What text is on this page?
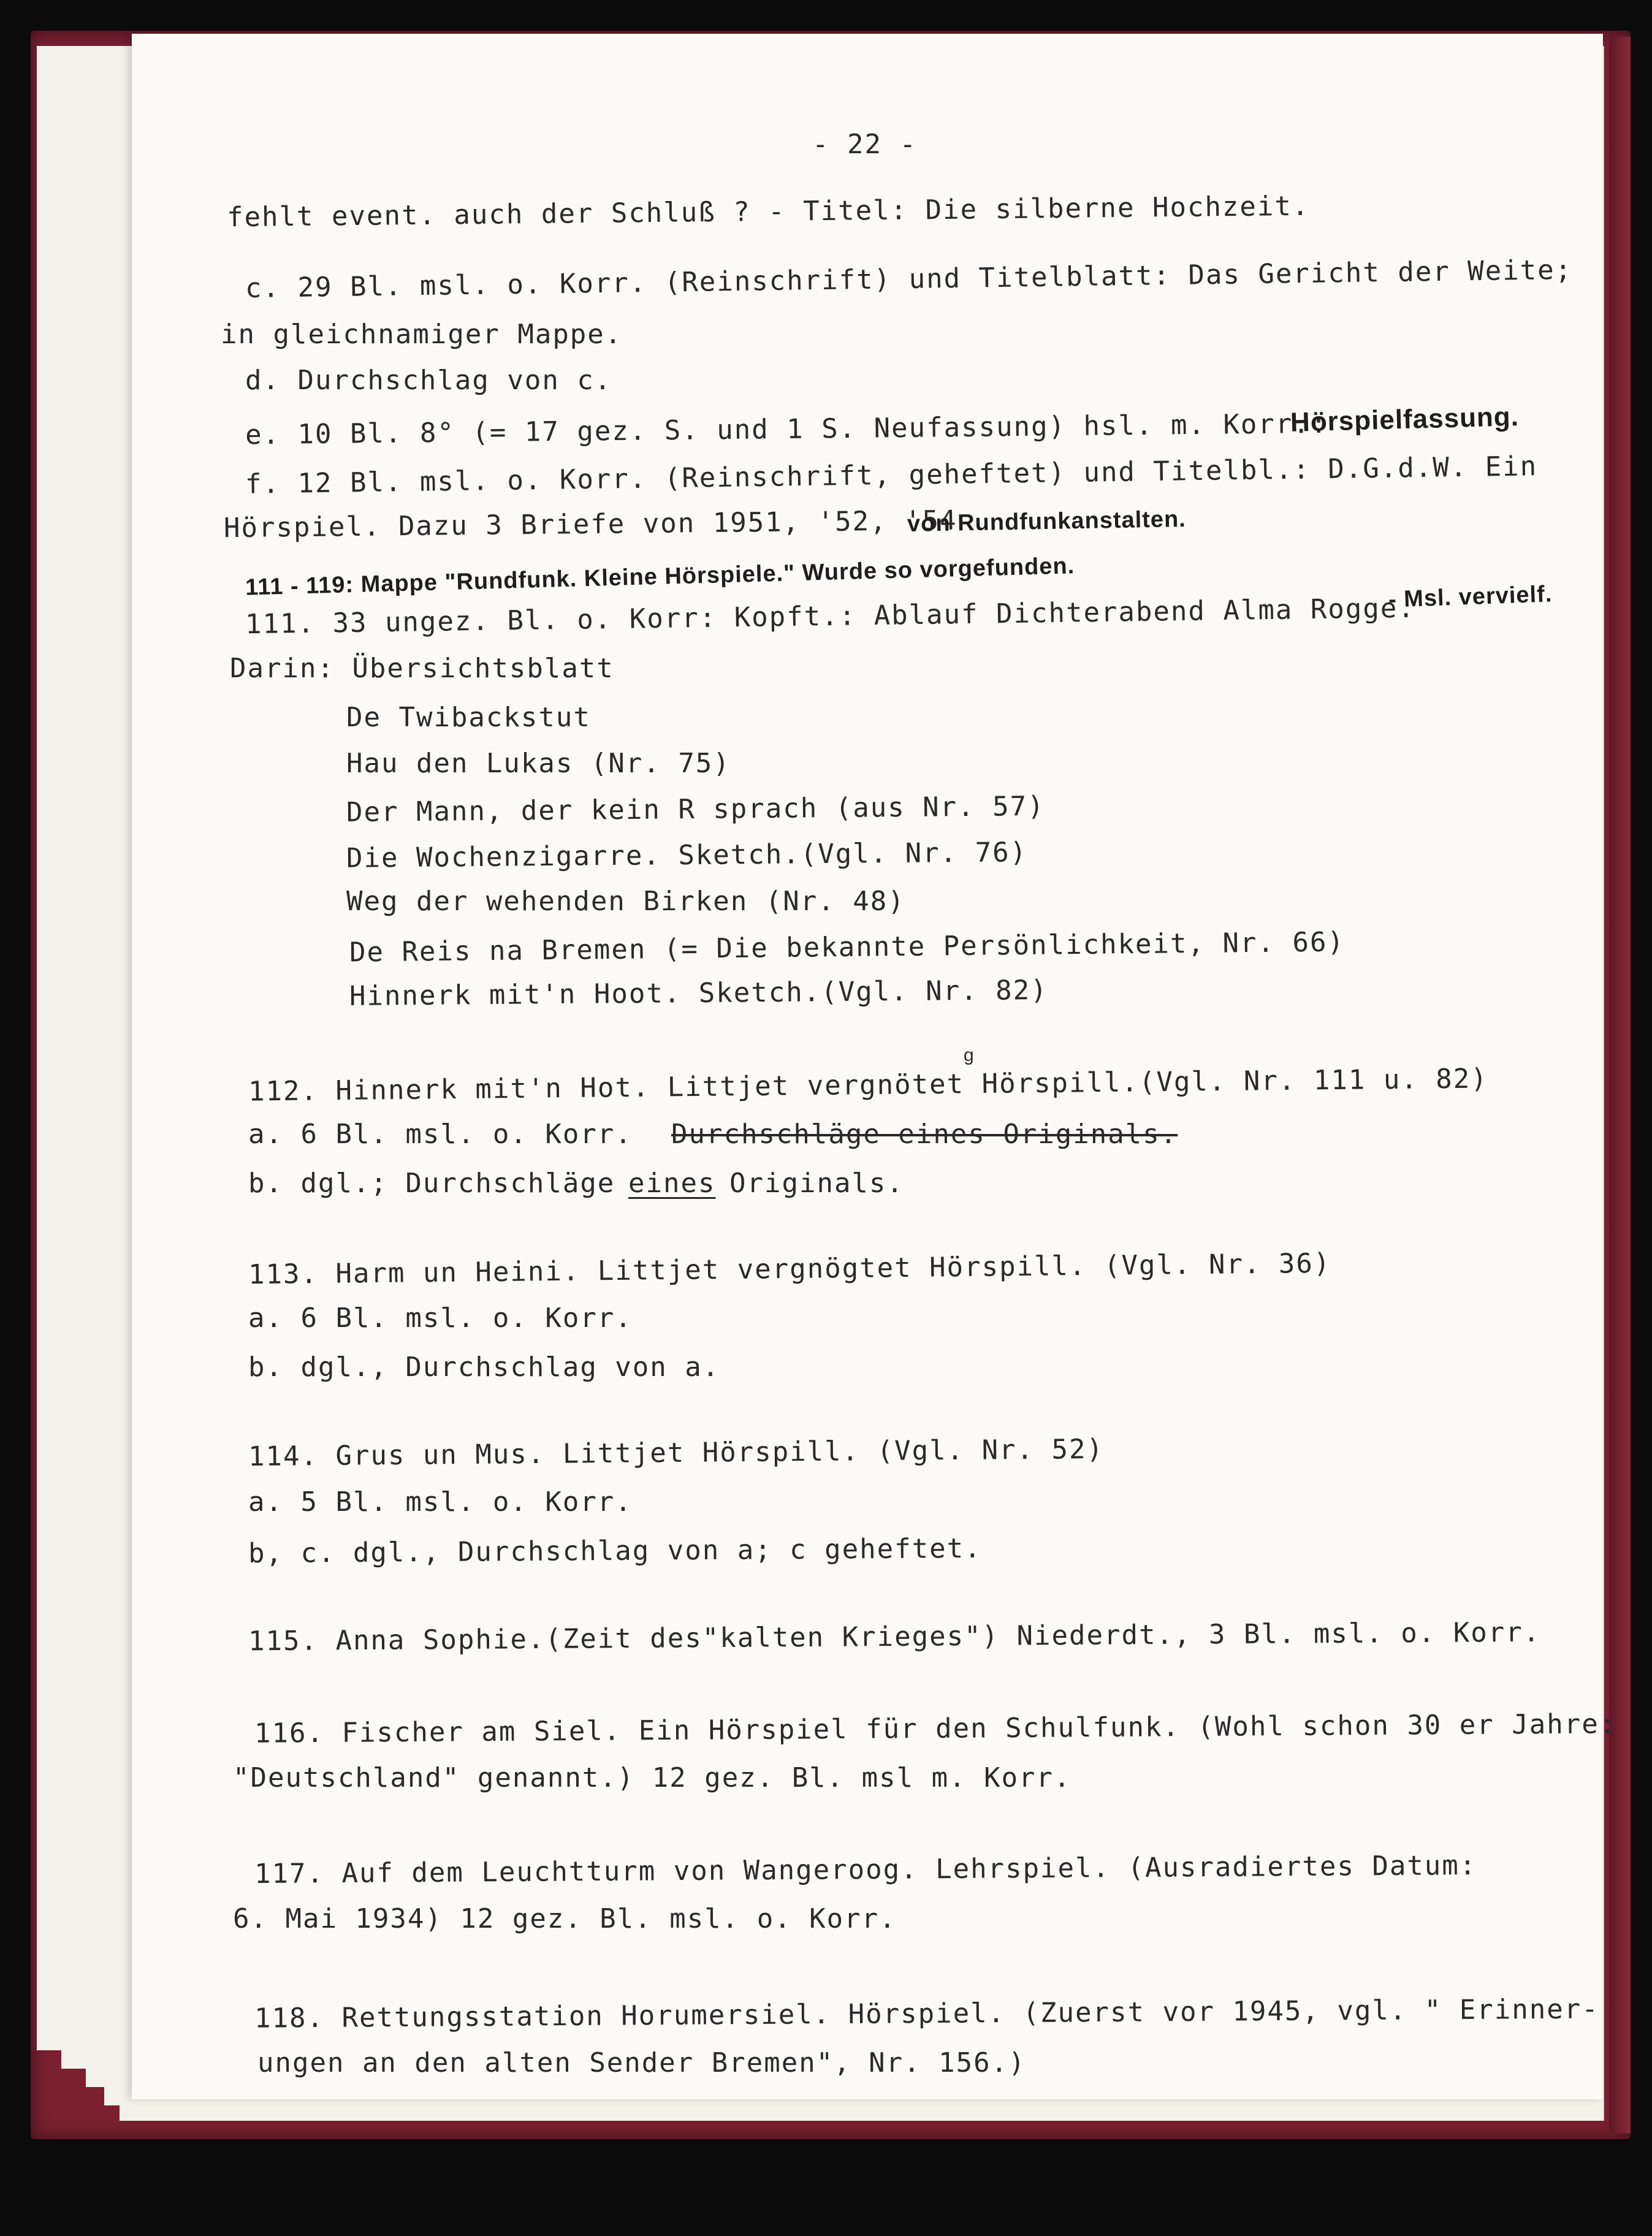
- 22 -
fehlt event. auch der Schluß ? - Titel: Die silberne Hochzeit.
c. 29 Bl. msl. o. Korr. (Reinschrift) und Titelblatt: Das Gericht der Weite;
in gleichnamiger Mappe.
d. Durchschlag von c.
e. 10 Bl. 8° (= 17 gez. S. und 1 S. Neufassung) hsl. m. Korr.:
Hörspielfassung.
f. 12 Bl. msl. o. Korr. (Reinschrift, geheftet) und Titelbl.: D.G.d.W. Ein
Hörspiel. Dazu 3 Briefe von 1951, '52, '54
von Rundfunkanstalten.
111 - 119: Mappe "Rundfunk. Kleine Hörspiele." Wurde so vorgefunden.
111. 33 ungez. Bl. o. Korr: Kopft.: Ablauf Dichterabend Alma Rogge.
- Msl. vervielf.
Darin: Übersichtsblatt
De Twibackstut
Hau den Lukas (Nr. 75)
Der Mann, der kein R sprach (aus Nr. 57)
Die Wochenzigarre. Sketch.(Vgl. Nr. 76)
Weg der wehenden Birken (Nr. 48)
De Reis na Bremen (= Die bekannte Persönlichkeit, Nr. 66)
Hinnerk mit'n Hoot. Sketch.(Vgl. Nr. 82)
g
112. Hinnerk mit'n Hot. Littjet vergnötet Hörspill.(Vgl. Nr. 111 u. 82)
a. 6 Bl. msl. o. Korr. Durchschläge eines Originals.
b. dgl.; Durchschläge eines Originals.
113. Harm un Heini. Littjet vergnögtet Hörspill. (Vgl. Nr. 36)
a. 6 Bl. msl. o. Korr.
b. dgl., Durchschlag von a.
114. Grus un Mus. Littjet Hörspill. (Vgl. Nr. 52)
a. 5 Bl. msl. o. Korr.
b, c. dgl., Durchschlag von a; c geheftet.
115. Anna Sophie.(Zeit des"kalten Krieges") Niederdt., 3 Bl. msl. o. Korr.
116. Fischer am Siel. Ein Hörspiel für den Schulfunk. (Wohl schon 30 er Jahre:
"Deutschland" genannt.) 12 gez. Bl. msl m. Korr.
117. Auf dem Leuchtturm von Wangeroog. Lehrspiel. (Ausradiertes Datum:
6. Mai 1934) 12 gez. Bl. msl. o. Korr.
118. Rettungsstation Horumersiel. Hörspiel. (Zuerst vor 1945, vgl. " Erinner-
ungen an den alten Sender Bremen", Nr. 156.)
